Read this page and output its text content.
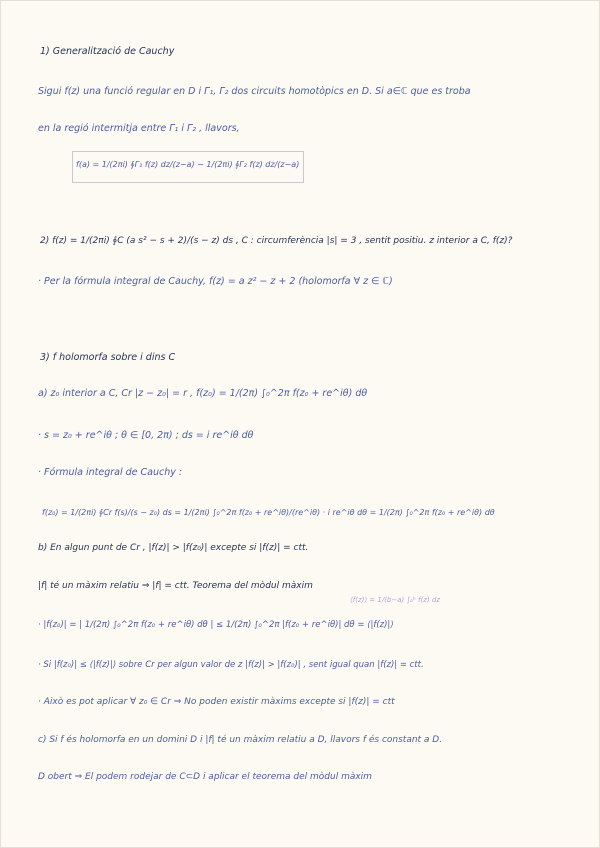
1) Generalització de Cauchy
Sigui f(z) una funció regular en D i Γ₁, Γ₂ dos circuits homotòpics en D. Si a∈ℂ que es troba
en la regió intermitja entre Γ₁ i Γ₂ , llavors,
f(a) = 1/(2πi) ∮Γ₁ f(z) dz/(z−a) − 1/(2πi) ∮Γ₂ f(z) dz/(z−a)
2) f(z) = 1/(2πi) ∮C (a s² − s + 2)/(s − z) ds , C : circumferència |s| = 3 , sentit positiu. z interior a C, f(z)?
· Per la fórmula integral de Cauchy, f(z) = a z² − z + 2 (holomorfa ∀ z ∈ ℂ)
3) f holomorfa sobre i dins C
a) z₀ interior a C, Cr |z − z₀| = r , f(z₀) = 1/(2π) ∫₀^2π f(z₀ + re^iθ) dθ
· s = z₀ + re^iθ ; θ ∈ [0, 2π) ; ds = i re^iθ dθ
· Fórmula integral de Cauchy :
f(z₀) = 1/(2πi) ∮Cr f(s)/(s − z₀) ds = 1/(2πi) ∫₀^2π f(z₀ + re^iθ)/(re^iθ) · i re^iθ dθ = 1/(2π) ∫₀^2π f(z₀ + re^iθ) dθ
b) En algun punt de Cr , |f(z)| > |f(z₀)| excepte si |f(z)| = ctt.
|f| té un màxim relatiu ⇒ |f| = ctt. Teorema del mòdul màxim
⟨f(z)⟩ = 1/(b−a) ∫ₐᵇ f(z) dz
· |f(z₀)| = | 1/(2π) ∫₀^2π f(z₀ + re^iθ) dθ | ≤ 1/(2π) ∫₀^2π |f(z₀ + re^iθ)| dθ = ⟨|f(z)|⟩
· Si |f(z₀)| ≤ ⟨|f(z)|⟩ sobre Cr per algun valor de z |f(z)| > |f(z₀)| , sent igual quan |f(z)| = ctt.
· Això es pot aplicar ∀ z₀ ∈ Cr ⇒ No poden existir màxims excepte si |f(z)| = ctt
c) Si f és holomorfa en un domini D i |f| té un màxim relatiu a D, llavors f és constant a D.
D obert ⇒ El podem rodejar de C⊂D i aplicar el teorema del mòdul màxim
